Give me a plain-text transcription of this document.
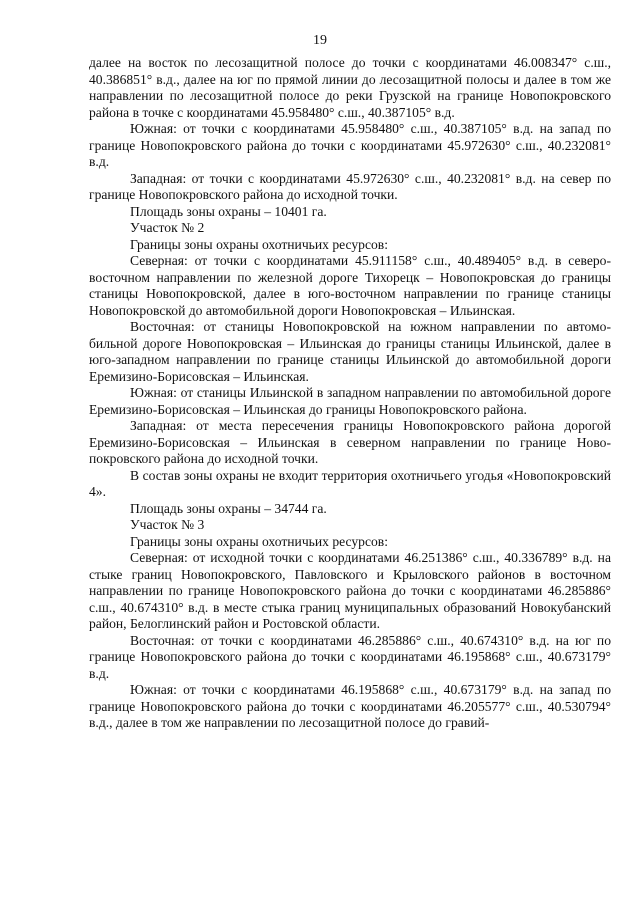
19

далее на восток по лесозащитной полосе до точки с координатами 46.008347° с.ш., 40.386851° в.д., далее на юг по прямой линии до лесозащитной полосы и далее в том же направлении по лесозащитной полосе до реки Грузской на границе Новопокровского района в точке с координатами 45.958480° с.ш., 40.387105° в.д.

Южная: от точки с координатами 45.958480° с.ш., 40.387105° в.д. на запад по границе Новопокровского района до точки с координатами 45.972630° с.ш., 40.232081° в.д.

Западная: от точки с координатами 45.972630° с.ш., 40.232081° в.д. на север по границе Новопокровского района до исходной точки.

Площадь зоны охраны – 10401 га.

Участок № 2

Границы зоны охраны охотничьих ресурсов:

Северная: от точки с координатами 45.911158° с.ш., 40.489405° в.д. в северо-восточном направлении по железной дороге Тихорецк – Новопокровская до границы станицы Новопокровской, далее в юго-восточном направлении по границе станицы Новопокровской до автомобильной дороги Новопокровская – Ильинская.

Восточная: от станицы Новопокровской на южном направлении по автомобильной дороге Новопокровская – Ильинская до границы станицы Ильинской, далее в юго-западном направлении по границе станицы Ильинской до автомобильной дороги Еремизино-Борисовская – Ильинская.

Южная: от станицы Ильинской в западном направлении по автомобильной дороге Еремизино-Борисовская – Ильинская до границы Новопокровского района.

Западная: от места пересечения границы Новопокровского района дорогой Еремизино-Борисовская – Ильинская в северном направлении по границе Новопокровского района до исходной точки.

В состав зоны охраны не входит территория охотничьего угодья «Новопокровский 4».

Площадь зоны охраны – 34744 га.

Участок № 3

Границы зоны охраны охотничьих ресурсов:

Северная: от исходной точки с координатами 46.251386° с.ш., 40.336789° в.д. на стыке границ Новопокровского, Павловского и Крыловского районов в восточном направлении по границе Новопокровского района до точки с координатами 46.285886° с.ш., 40.674310° в.д. в месте стыка границ муниципальных образований Новокубанский район, Белоглинский район и Ростовской области.

Восточная: от точки с координатами 46.285886° с.ш., 40.674310° в.д. на юг по границе Новопокровского района до точки с координатами 46.195868° с.ш., 40.673179° в.д.

Южная: от точки с координатами 46.195868° с.ш., 40.673179° в.д. на запад по границе Новопокровского района до точки с координатами 46.205577° с.ш., 40.530794° в.д., далее в том же направлении по лесозащитной полосе до гравий-
